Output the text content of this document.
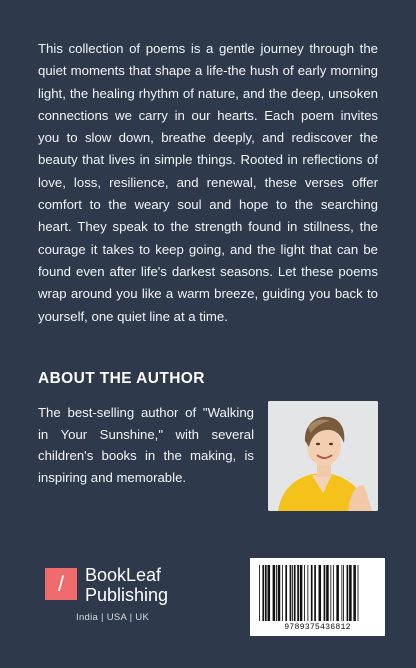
This collection of poems is a gentle journey through the quiet moments that shape a life-the hush of early morning light, the healing rhythm of nature, and the deep, unsoken connections we carry in our hearts. Each poem invites you to slow down, breathe deeply, and rediscover the beauty that lives in simple things. Rooted in reflections of love, loss, resilience, and renewal, these verses offer comfort to the weary soul and hope to the searching heart. They speak to the strength found in stillness, the courage it takes to keep going, and the light that can be found even after life's darkest seasons. Let these poems wrap around you like a warm breeze, guiding you back to yourself, one quiet line at a time.

ABOUT THE AUTHOR

The best-selling author of "Walking in Your Sunshine," with several children's books in the making, is inspiring and memorable.

/	BookLeaf
Publishing
India | USA | UK
9789375436812
